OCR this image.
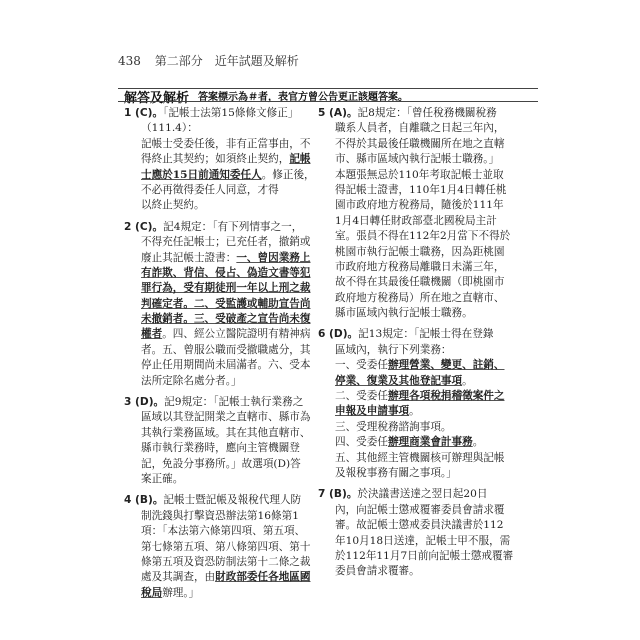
438 第二部分　近年試題及解析
解答及解析 答案標示為＃者，表官方曾公告更正該題答案。
1 (C)。「記帳士法第15條條文修正」
（111.4）：
記帳士受委任後，非有正當事由，不
得終止其契約；如須終止契約，記帳
士應於15日前通知委任人。修正後，
不必再徵得委任人同意，才得
以終止契約。
2 (C)。記4規定：「有下列情事之一，
不得充任記帳士；已充任者，撤銷或
廢止其記帳士證書：一、曾因業務上
有詐欺、背信、侵占、偽造文書等犯
罪行為，受有期徒刑一年以上刑之裁
判確定者。二、受監護或輔助宣告尚
未撤銷者。三、受破產之宣告尚未復
權者。四、經公立醫院證明有精神病
者。五、曾服公職而受撤職處分，其
停止任用期間尚未屆滿者。六、受本
法所定除名處分者。」
3 (D)。記9規定：「記帳士執行業務之
區域以其登記開業之直轄市、縣市為
其執行業務區域。其在其他直轄市、
縣市執行業務時，應向主管機關登
記，免設分事務所。」故選項(D)答
案正確。
4 (B)。記帳士暨記帳及報稅代理人防
制洗錢與打擊資恐辦法第16條第1
項：「本法第六條第四項、第五項、
第七條第五項、第八條第四項、第十
條第五項及資恐防制法第十二條之裁
處及其調查，由財政部委任各地區國
稅局辦理。」
5 (A)。記8規定：「曾任稅務機關稅務
職系人員者，自離職之日起三年內，
不得於其最後任職機關所在地之直轄
市、縣市區域內執行記帳士職務。」
本題張無忌於110年考取記帳士並取
得記帳士證書，110年1月4日轉任桃
園市政府地方稅務局，隨後於111年
1月4日轉任財政部臺北國稅局主計
室。張員不得在112年2月當下不得於
桃園市執行記帳士職務，因為距桃園
市政府地方稅務局離職日未滿三年，
故不得在其最後任職機關（即桃園市
政府地方稅務局）所在地之直轄市、
縣市區域內執行記帳士職務。
6 (D)。記13規定：「記帳士得在登錄
區域內，執行下列業務：
一、受委任辦理營業、變更、註銷、
停業、復業及其他登記事項。
二、受委任辦理各項稅捐稽徵案件之
申報及申請事項。
三、受理稅務諮詢事項。
四、受委任辦理商業會計事務。
五、其他經主管機關核可辦理與記帳
及報稅事務有關之事項。」
7 (B)。於決議書送達之翌日起20日
內，向記帳士懲戒覆審委員會請求覆
審。故記帳士懲戒委員決議書於112
年10月18日送達，記帳士甲不服，需
於112年11月7日前向記帳士懲戒覆審
委員會請求覆審。
